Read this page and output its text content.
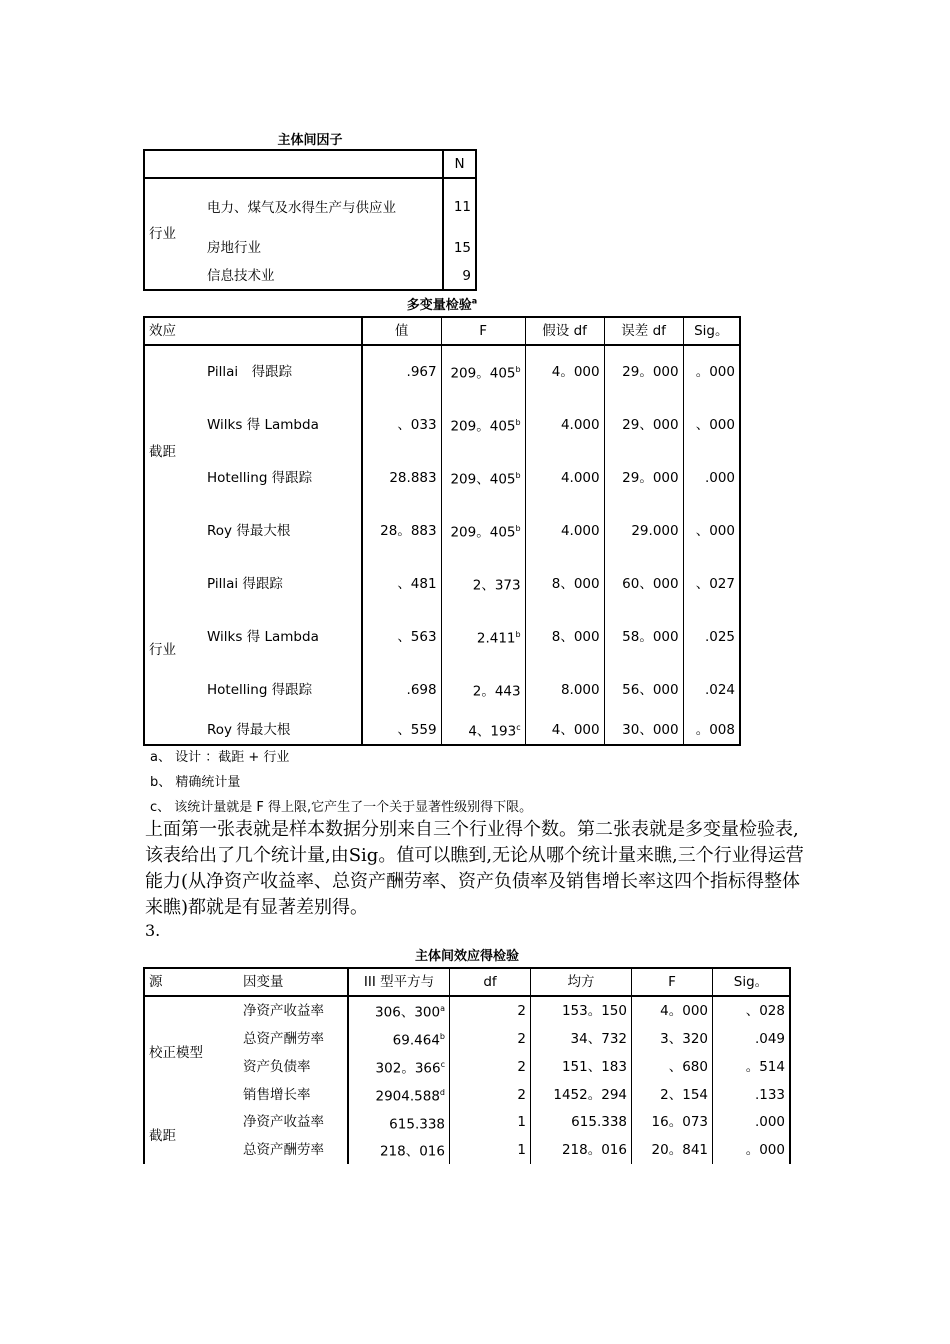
主体间因子
		N
行业	电力、煤气及水得生产与供应业	11
	房地行业	15
	信息技术业	9
多变量检验$^a$
效应		值	F	假设 df	误差 df	Sig。
截距	Pillai　得跟踪	.967	209。405$^b$	4。000	29。000	。000
	Wilks 得 Lambda	、033	209。405$^b$	4.000	29、000	、000
	Hotelling 得跟踪	28.883	209、405$^b$	4.000	29。000	.000
	Roy 得最大根	28。883	209。405$^b$	4.000	29.000	、000
行业	Pillai 得跟踪	、481	2、373	8、000	60、000	、027
	Wilks 得 Lambda	、563	2.411$^b$	8、000	58。000	.025
	Hotelling 得跟踪	.698	2。443	8.000	56、000	.024
	Roy 得最大根	、559	4、193$^c$	4、000	30、000	。008
a、 设计 ：截距 + 行业
b、 精确统计量
c、 该统计量就是 F 得上限,它产生了一个关于显著性级别得下限。
上面第一张表就是样本数据分别来自三个行业得个数。第二张表就是多变量检验表,该表给出了几个统计量,由Sig。值可以瞧到,无论从哪个统计量来瞧,三个行业得运营能力(从净资产收益率、总资产酬劳率、资产负债率及销售增长率这四个指标得整体来瞧)都就是有显著差别得。
3.
主体间效应得检验
源	因变量	III 型平方与	df	均方	F	Sig。
校正模型	净资产收益率	306、300$^a$	2	153。150	4。000	、028
	总资产酬劳率	69.464$^b$	2	34、732	3、320	.049
	资产负债率	302。366$^c$	2	151、183	、680	。514
	销售增长率	2904.588$^d$	2	1452。294	2、154	.133
截距	净资产收益率	615.338	1	615.338	16。073	.000
	总资产酬劳率	218、016	1	218。016	20。841	。000
